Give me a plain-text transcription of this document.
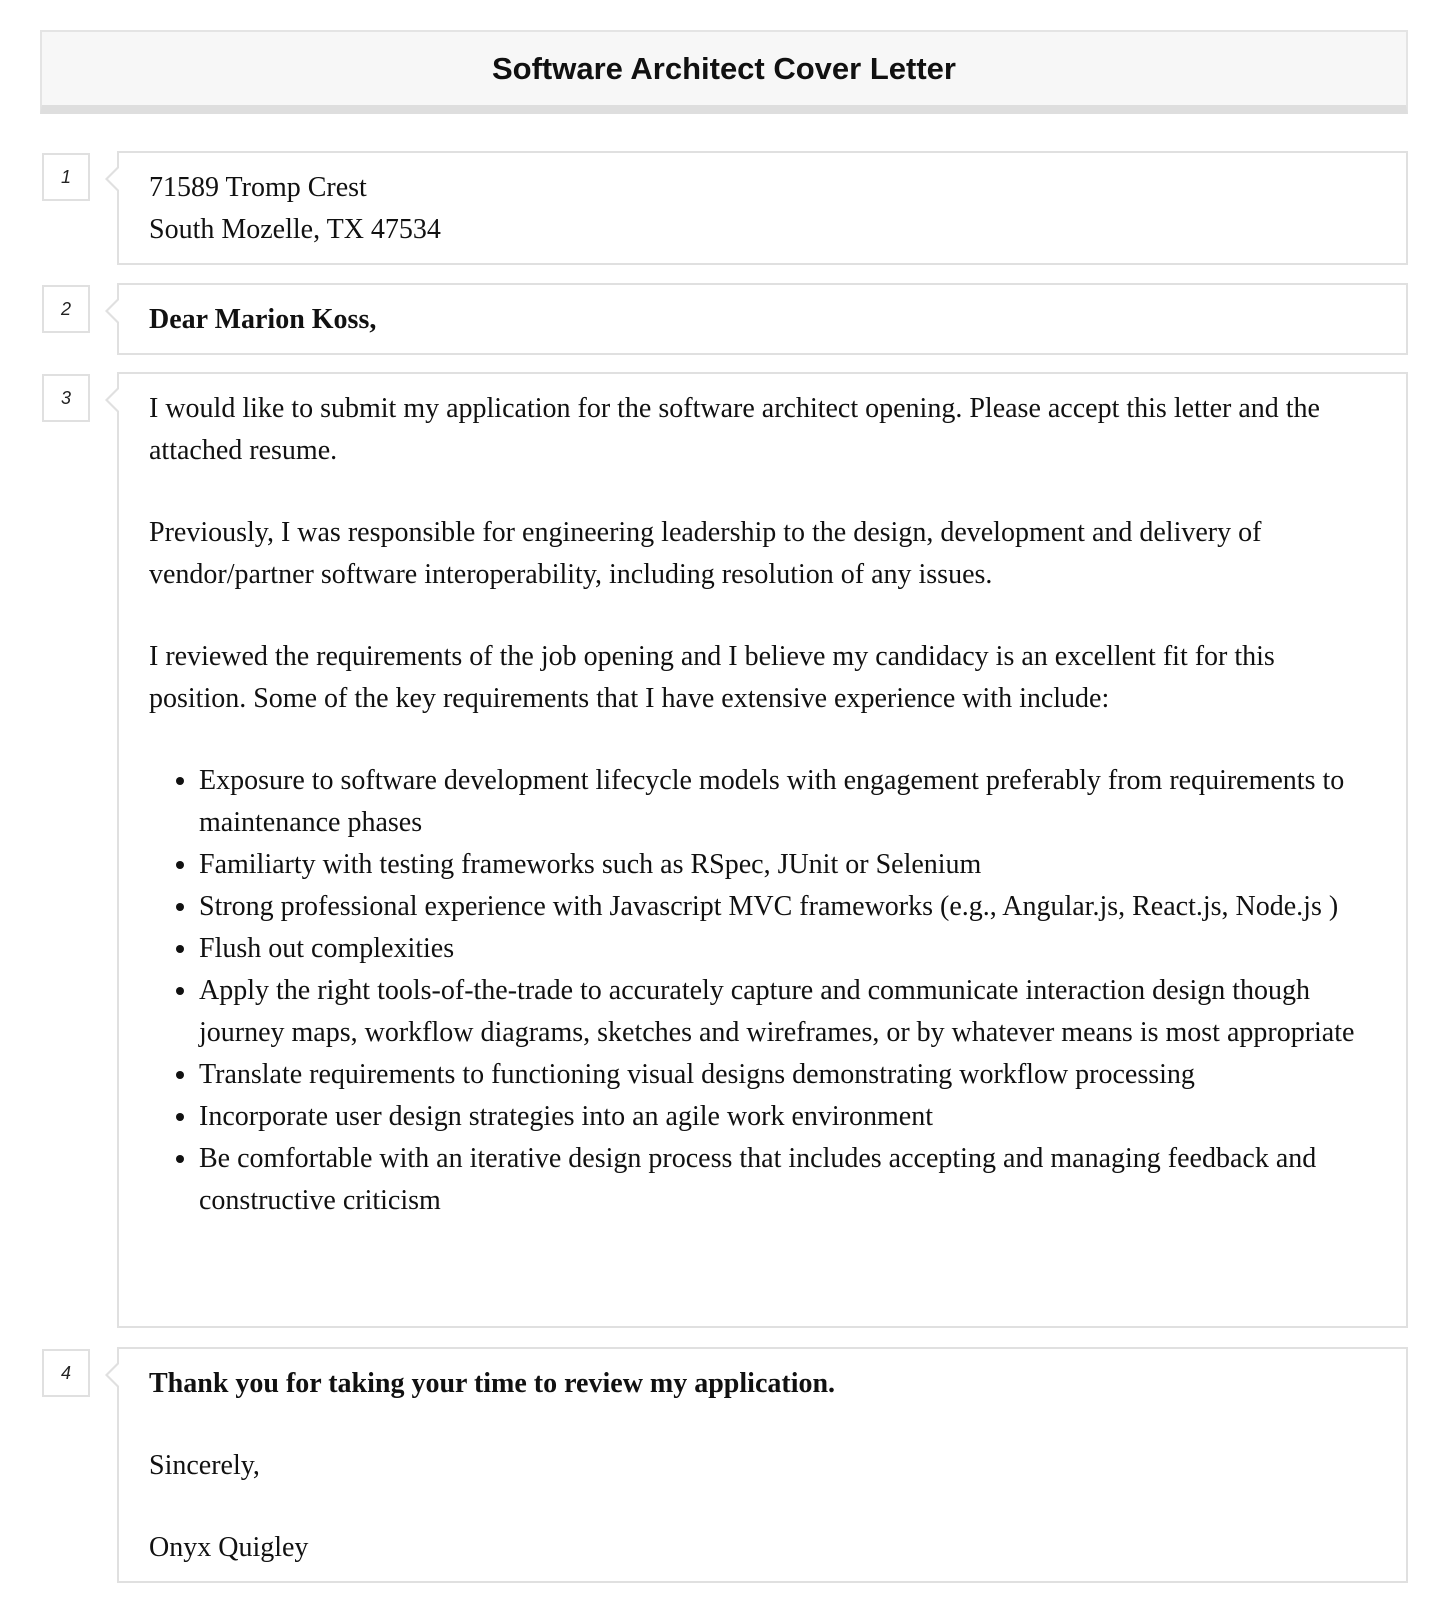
Software Architect Cover Letter
1	71589 Tromp Crest

South Mozelle, TX 47534

2	Dear Marion Koss,

3	I would like to submit my application for the software architect opening. Please accept this letter and the attached resume.

Previously, I was responsible for engineering leadership to the design, development and delivery of vendor/partner software interoperability, including resolution of any issues.

I reviewed the requirements of the job opening and I believe my candidacy is an excellent fit for this position. Some of the key requirements that I have extensive experience with include:

• Exposure to software development lifecycle models with engagement preferably from requirements to maintenance phases
• Familiarty with testing frameworks such as RSpec, JUnit or Selenium
• Strong professional experience with Javascript MVC frameworks (e.g., Angular.js, React.js, Node.js )
• Flush out complexities
• Apply the right tools-of-the-trade to accurately capture and communicate interaction design though journey maps, workflow diagrams, sketches and wireframes, or by whatever means is most appropriate
• Translate requirements to functioning visual designs demonstrating workflow processing
• Incorporate user design strategies into an agile work environment
• Be comfortable with an iterative design process that includes accepting and managing feedback and constructive criticism
4	Thank you for taking your time to review my application.

Sincerely,

Onyx Quigley
